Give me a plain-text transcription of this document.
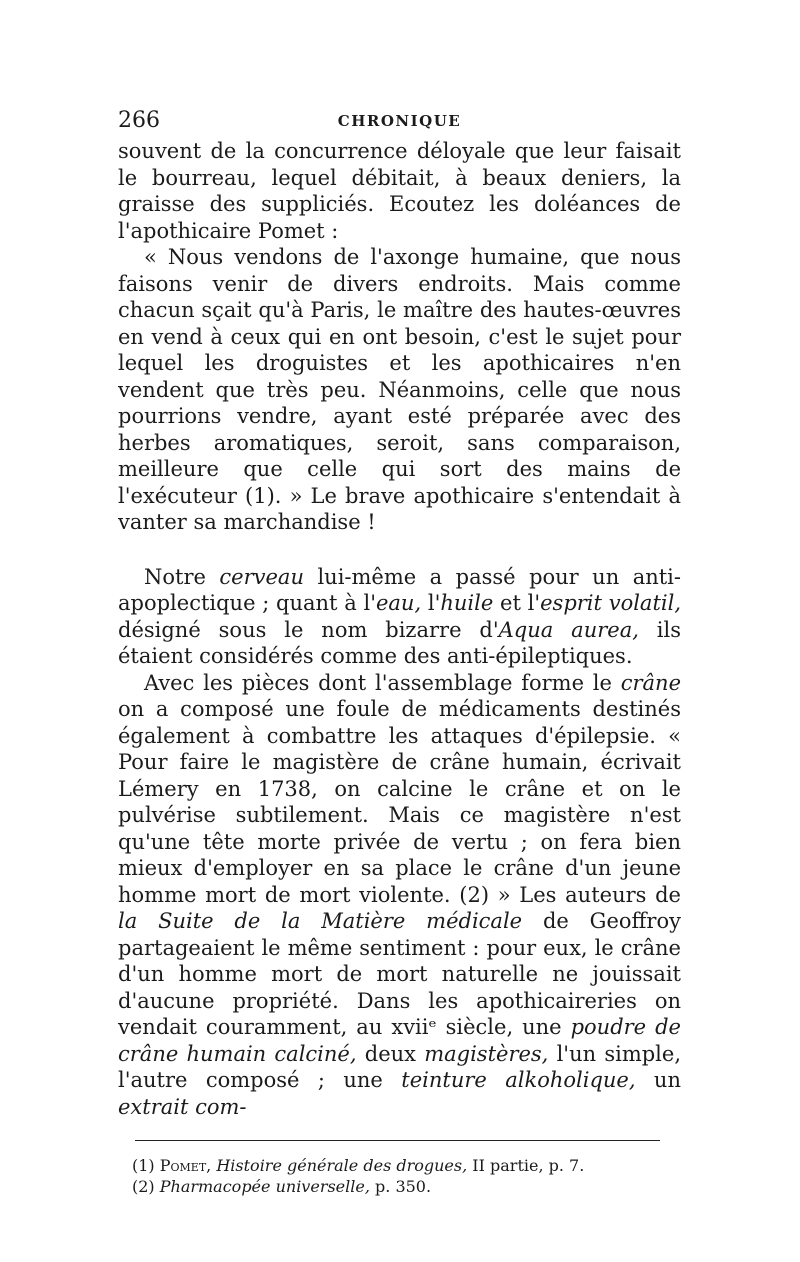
266	CHRONIQUE

souvent de la concurrence déloyale que leur faisait le bourreau, lequel débitait, à beaux deniers, la graisse des suppliciés. Ecoutez les doléances de l'apothicaire Pomet :

« Nous vendons de l'axonge humaine, que nous faisons venir de divers endroits. Mais comme chacun sçait qu'à Paris, le maître des hautes-œuvres en vend à ceux qui en ont besoin, c'est le sujet pour lequel les droguistes et les apothicaires n'en vendent que très peu. Néanmoins, celle que nous pourrions vendre, ayant esté préparée avec des herbes aromatiques, seroit, sans comparaison, meilleure que celle qui sort des mains de l'exécuteur (1). » Le brave apothicaire s'entendait à vanter sa marchandise !

Notre cerveau lui-même a passé pour un anti-apoplectique ; quant à l'eau, l'huile et l'esprit volatil, désigné sous le nom bizarre d'Aqua aurea, ils étaient considérés comme des anti-épileptiques.

Avec les pièces dont l'assemblage forme le crâne on a composé une foule de médicaments destinés également à combattre les attaques d'épilepsie. « Pour faire le magistère de crâne humain, écrivait Lémery en 1738, on calcine le crâne et on le pulvérise subtilement. Mais ce magistère n'est qu'une tête morte privée de vertu ; on fera bien mieux d'employer en sa place le crâne d'un jeune homme mort de mort violente. (2) » Les auteurs de la Suite de la Matière médicale de Geoffroy partageaient le même sentiment : pour eux, le crâne d'un homme mort de mort naturelle ne jouissait d'aucune propriété. Dans les apothicaireries on vendait couramment, au xviiᵉ siècle, une poudre de crâne humain calciné, deux magistères, l'un simple, l'autre composé ; une teinture alkoholique, un extrait com-

(1) Pomet, Histoire générale des drogues, II partie, p. 7.

(2) Pharmacopée universelle, p. 350.
